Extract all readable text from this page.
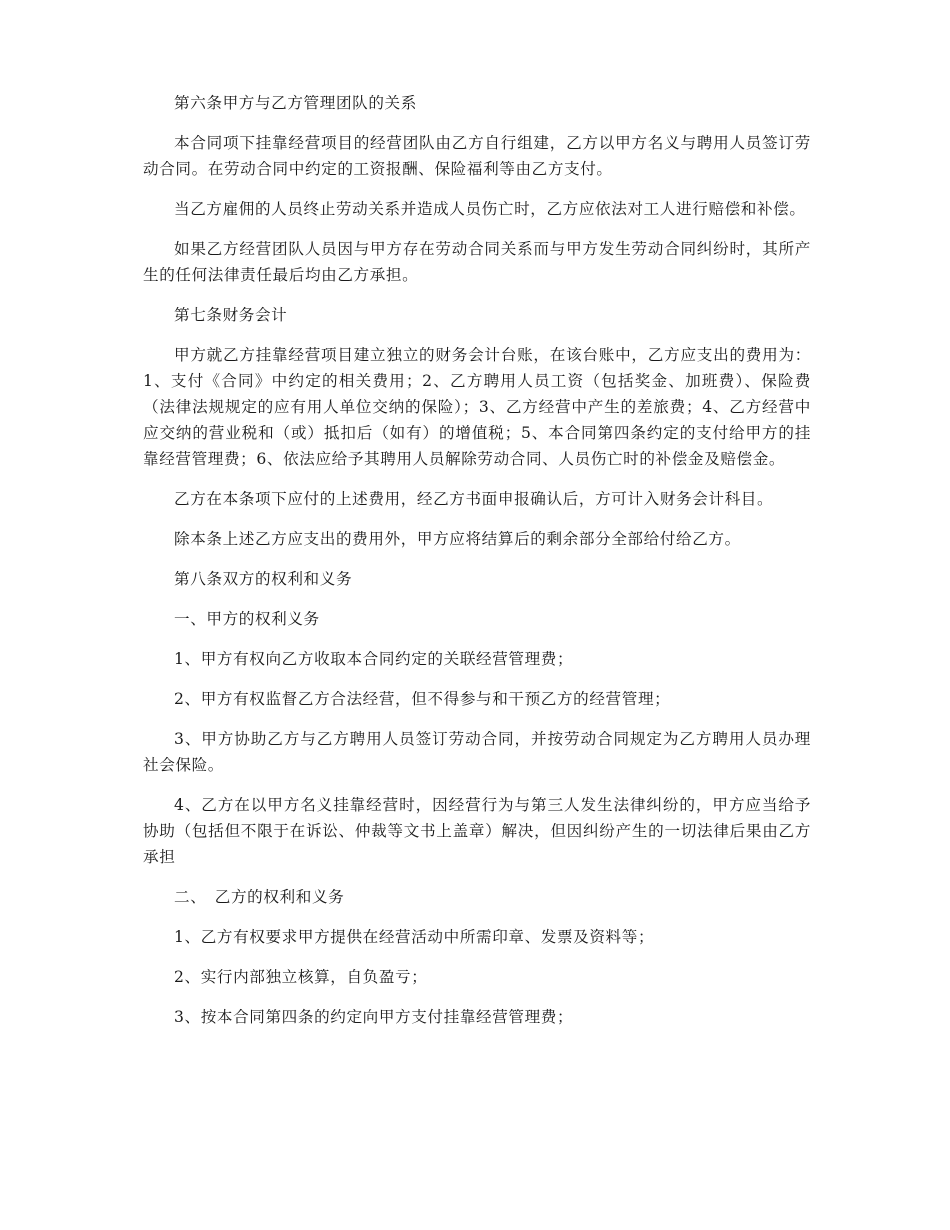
第六条甲方与乙方管理团队的关系

本合同项下挂靠经营项目的经营团队由乙方自行组建，乙方以甲方名义与聘用人员签订劳动合同。在劳动合同中约定的工资报酬、保险福利等由乙方支付。

当乙方雇佣的人员终止劳动关系并造成人员伤亡时，乙方应依法对工人进行赔偿和补偿。

如果乙方经营团队人员因与甲方存在劳动合同关系而与甲方发生劳动合同纠纷时，其所产生的任何法律责任最后均由乙方承担。

第七条财务会计

甲方就乙方挂靠经营项目建立独立的财务会计台账，在该台账中，乙方应支出的费用为：1、支付《合同》中约定的相关费用；2、乙方聘用人员工资（包括奖金、加班费）、保险费（法律法规规定的应有用人单位交纳的保险）；3、乙方经营中产生的差旅费；4、乙方经营中应交纳的营业税和（或）抵扣后（如有）的增值税；5、本合同第四条约定的支付给甲方的挂靠经营管理费；6、依法应给予其聘用人员解除劳动合同、人员伤亡时的补偿金及赔偿金。

乙方在本条项下应付的上述费用，经乙方书面申报确认后，方可计入财务会计科目。

除本条上述乙方应支出的费用外，甲方应将结算后的剩余部分全部给付给乙方。

第八条双方的权利和义务

一、甲方的权利义务

1、甲方有权向乙方收取本合同约定的关联经营管理费；

2、甲方有权监督乙方合法经营，但不得参与和干预乙方的经营管理；

3、甲方协助乙方与乙方聘用人员签订劳动合同，并按劳动合同规定为乙方聘用人员办理社会保险。

4、乙方在以甲方名义挂靠经营时，因经营行为与第三人发生法律纠纷的，甲方应当给予协助（包括但不限于在诉讼、仲裁等文书上盖章）解决，但因纠纷产生的一切法律后果由乙方承担

二、　乙方的权利和义务

1、乙方有权要求甲方提供在经营活动中所需印章、发票及资料等；

2、实行内部独立核算，自负盈亏；

3、按本合同第四条的约定向甲方支付挂靠经营管理费；
